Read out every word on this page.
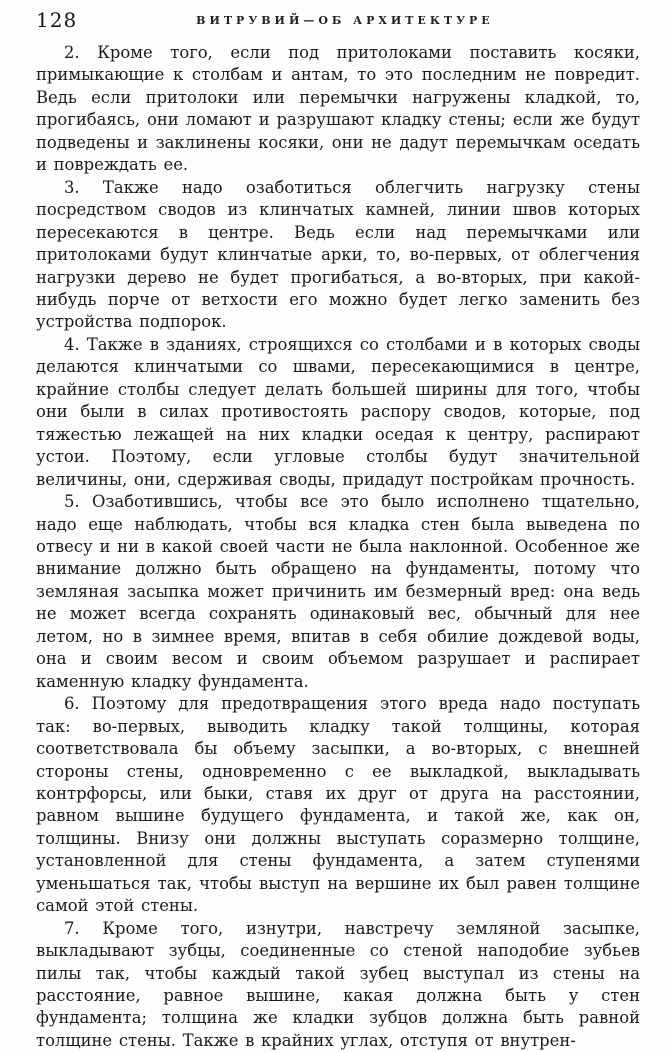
128	ВИТРУВИЙ—ОБ АРХИТЕКТУРЕ

2. Кроме того, если под притолоками поставить косяки, примыкающие к столбам и антам, то это последним не повредит. Ведь если притолоки или перемычки нагружены кладкой, то, прогибаясь, они ломают и разрушают кладку стены; если же будут подведены и заклинены косяки, они не дадут перемычкам оседать и повреждать ее.

3. Также надо озаботиться облегчить нагрузку стены посредством сводов из клинчатых камней, линии швов которых пересекаются в центре. Ведь если над перемычками или притолоками будут клинчатые арки, то, во-первых, от облегчения нагрузки дерево не будет прогибаться, а во-вторых, при какой-нибудь порче от ветхости его можно будет легко заменить без устройства подпорок.

4. Также в зданиях, строящихся со столбами и в которых своды делаются клинчатыми со швами, пересекающимися в центре, крайние столбы следует делать большей ширины для того, чтобы они были в силах противостоять распору сводов, которые, под тяжестью лежащей на них кладки оседая к центру, распирают устои. Поэтому, если угловые столбы будут значительной величины, они, сдерживая своды, придадут постройкам прочность.

5. Озаботившись, чтобы все это было исполнено тщательно, надо еще наблюдать, чтобы вся кладка стен была выведена по отвесу и ни в какой своей части не была наклонной. Особенное же внимание должно быть обращено на фундаменты, потому что земляная засыпка может причинить им безмерный вред: она ведь не может всегда сохранять одинаковый вес, обычный для нее летом, но в зимнее время, впитав в себя обилие дождевой воды, она и своим весом и своим объемом разрушает и распирает каменную кладку фундамента.

6. Поэтому для предотвращения этого вреда надо поступать так: во-первых, выводить кладку такой толщины, которая соответствовала бы объему засыпки, а во-вторых, с внешней стороны стены, одновременно с ее выкладкой, выкладывать контрфорсы, или быки, ставя их друг от друга на расстоянии, равном вышине будущего фундамента, и такой же, как он, толщины. Внизу они должны выступать соразмерно толщине, установленной для стены фундамента, а затем ступенями уменьшаться так, чтобы выступ на вершине их был равен толщине самой этой стены.

7. Кроме того, изнутри, навстречу земляной засыпке, выкладывают зубцы, соединенные со стеной наподобие зубьев пилы так, чтобы каждый такой зубец выступал из стены на расстояние, равное вышине, какая должна быть у стен фундамента; толщина же кладки зубцов должна быть равной толщине стены. Также в крайних углах, отступя от внутрен-
